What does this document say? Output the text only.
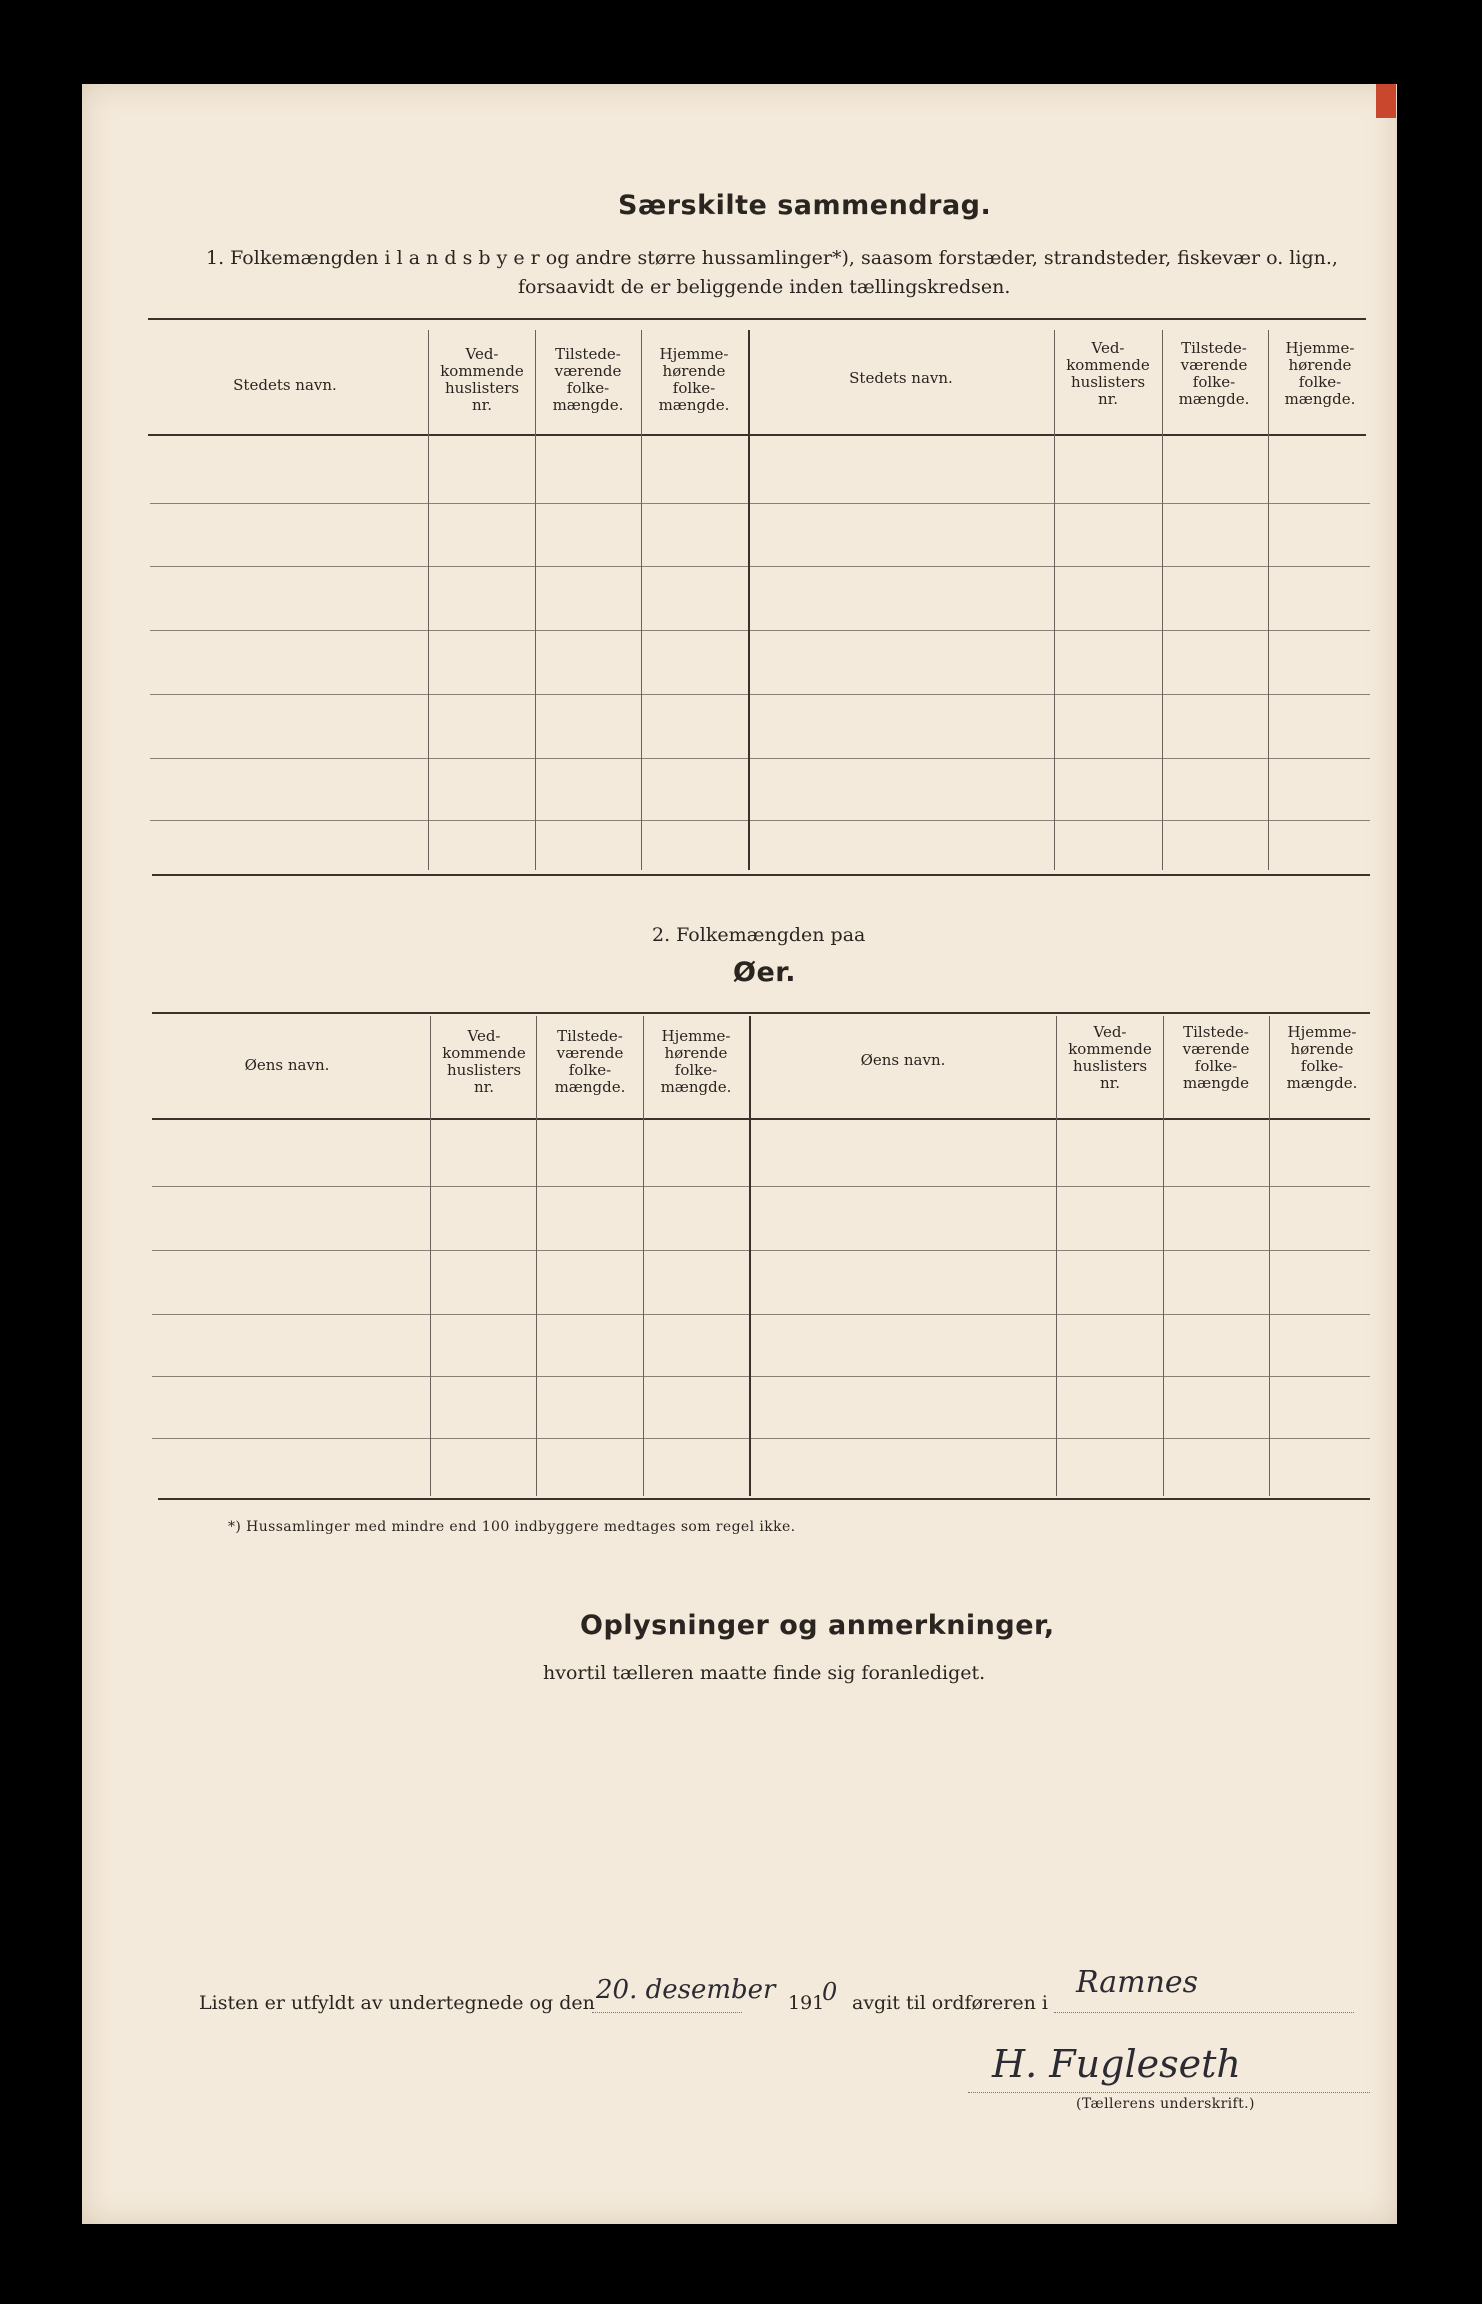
Særskilte sammendrag.
1. Folkemængden i l a n d s b y e r og andre større hussamlinger*), saasom forstæder, strandsteder, fiskevær o. lign.,
forsaavidt de er beliggende inden tællingskredsen.
Stedets navn.
Ved-kommende huslisters nr.
Tilstede-værende folke-mængde.
Hjemme-hørende folke-mængde.
Stedets navn.
Ved-kommende huslisters nr.
Tilstede-værende folke-mængde.
Hjemme-hørende folke-mængde.
2. Folkemængden paa
Øer.
Øens navn.
Ved-kommende huslisters nr.
Tilstede-værende folke-mængde.
Hjemme-hørende folke-mængde.
Øens navn.
Ved-kommende huslisters nr.
Tilstede-værende folke-mængde
Hjemme-hørende folke-mængde.
*) Hussamlinger med mindre end 100 indbyggere medtages som regel ikke.
Oplysninger og anmerkninger,
hvortil tælleren maatte finde sig foranlediget.
Listen er utfyldt av undertegnede og den 20. desember 191
0 avgit til ordføreren i
Ramnes
H. Fugleseth
(Tællerens underskrift.)
